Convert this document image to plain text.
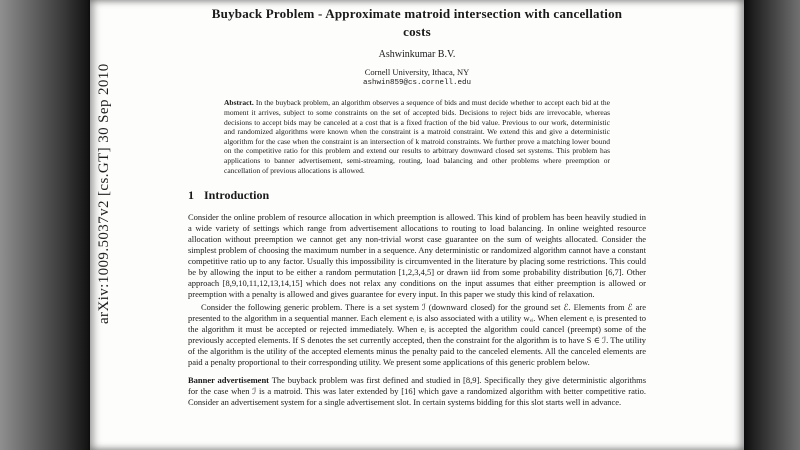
arXiv:1009.5037v2 [cs.GT] 30 Sep 2010
Buyback Problem - Approximate matroid intersection with cancellation costs
Ashwinkumar B.V.
Cornell University, Ithaca, NY
ashwin859@cs.cornell.edu
Abstract. In the buyback problem, an algorithm observes a sequence of bids and must decide whether to accept each bid at the moment it arrives, subject to some constraints on the set of accepted bids. Decisions to reject bids are irrevocable, whereas decisions to accept bids may be canceled at a cost that is a fixed fraction of the bid value. Previous to our work, deterministic and randomized algorithms were known when the constraint is a matroid constraint. We extend this and give a deterministic algorithm for the case when the constraint is an intersection of k matroid constraints. We further prove a matching lower bound on the competitive ratio for this problem and extend our results to arbitrary downward closed set systems. This problem has applications to banner advertisement, semi-streaming, routing, load balancing and other problems where preemption or cancellation of previous allocations is allowed.
1 Introduction

Consider the online problem of resource allocation in which preemption is allowed. This kind of problem has been heavily studied in a wide variety of settings which range from advertisement allocations to routing to load balancing. In online weighted resource allocation without preemption we cannot get any non-trivial worst case guarantee on the sum of weights allocated. Consider the simplest problem of choosing the maximum number in a sequence. Any deterministic or randomized algorithm cannot have a constant competitive ratio up to any factor. Usually this impossibility is circumvented in the literature by placing some restrictions. This could be by allowing the input to be either a random permutation [1,2,3,4,5] or drawn iid from some probability distribution [6,7]. Other approach [8,9,10,11,12,13,14,15] which does not relax any conditions on the input assumes that either preemption is allowed or preemption with a penalty is allowed and gives guarantee for every input. In this paper we study this kind of relaxation.

Consider the following generic problem. There is a set system ℐ (downward closed) for the ground set ℰ. Elements from ℰ are presented to the algorithm in a sequential manner. Each element eᵢ is also associated with a utility wₑᵢ. When element eᵢ is presented to the algorithm it must be accepted or rejected immediately. When eᵢ is accepted the algorithm could cancel (preempt) some of the previously accepted elements. If S denotes the set currently accepted, then the constraint for the algorithm is to have S ∈ ℐ. The utility of the algorithm is the utility of the accepted elements minus the penalty paid to the canceled elements. All the canceled elements are paid a penalty proportional to their corresponding utility. We present some applications of this generic problem below.

Banner advertisement The buyback problem was first defined and studied in [8,9]. Specifically they give deterministic algorithms for the case when ℐ is a matroid. This was later extended by [16] which gave a randomized algorithm with better competitive ratio. Consider an advertisement system for a single advertisement slot. In certain systems bidding for this slot starts well in advance.
